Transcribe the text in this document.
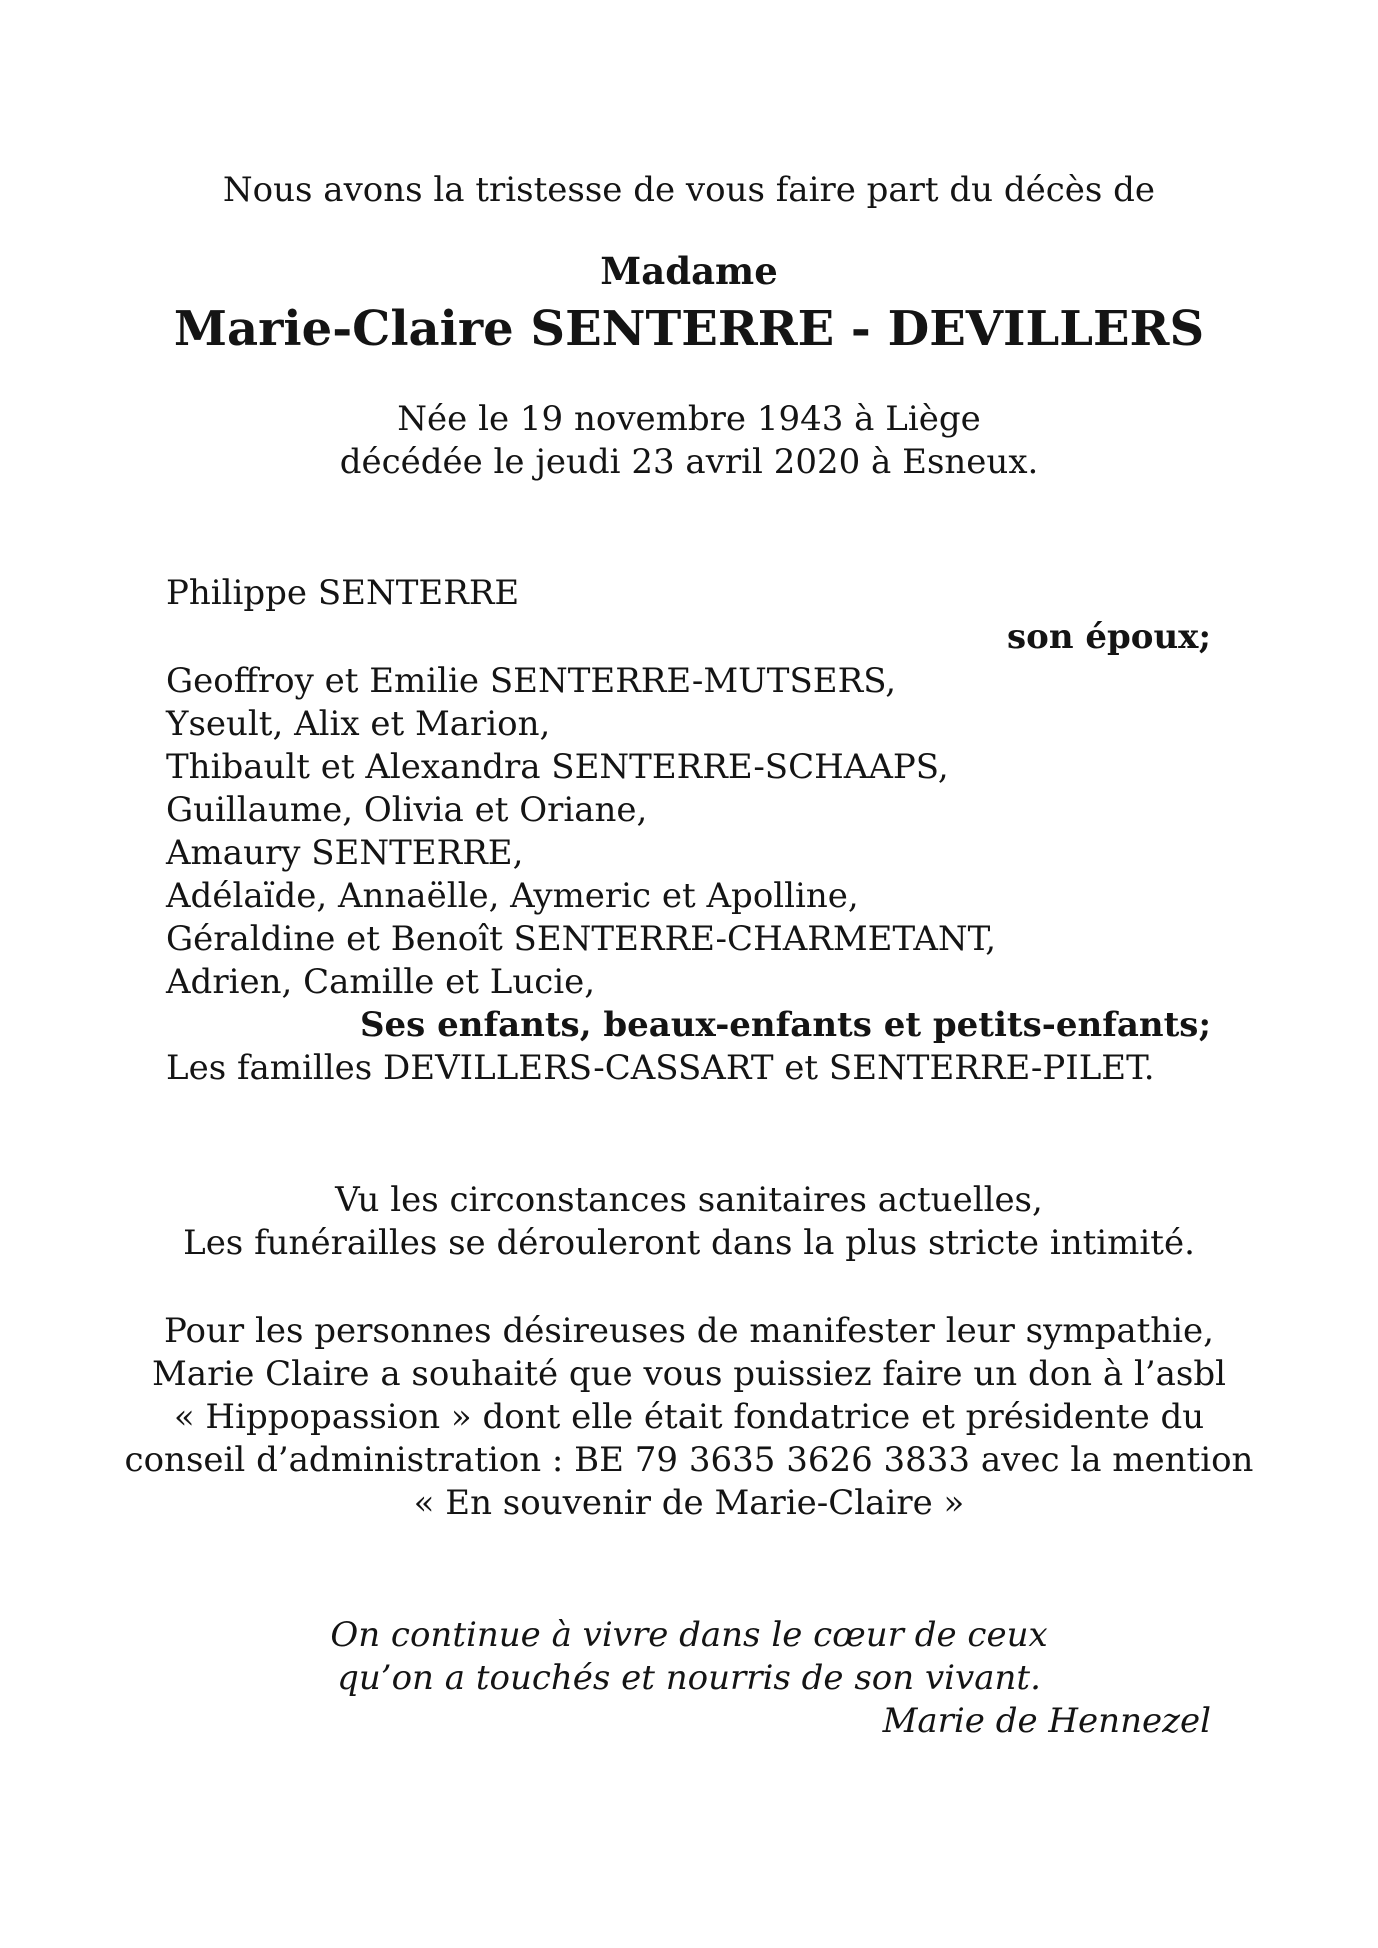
Nous avons la tristesse de vous faire part du décès de
Madame
Marie-Claire SENTERRE - DEVILLERS
Née le 19 novembre 1943 à Liège
décédée le jeudi 23 avril 2020 à Esneux.
Philippe SENTERRE
son époux;
Geoffroy et Emilie SENTERRE-MUTSERS,
Yseult, Alix et Marion,
Thibault et Alexandra SENTERRE-SCHAAPS,
Guillaume, Olivia et Oriane,
Amaury SENTERRE,
Adélaïde, Annaëlle, Aymeric et Apolline,
Géraldine et Benoît SENTERRE-CHARMETANT,
Adrien, Camille et Lucie,
Ses enfants, beaux-enfants et petits-enfants;
Les familles DEVILLERS-CASSART et SENTERRE-PILET.
Vu les circonstances sanitaires actuelles,
Les funérailles se dérouleront dans la plus stricte intimité.
Pour les personnes désireuses de manifester leur sympathie,
Marie Claire a souhaité que vous puissiez faire un don à l’asbl
« Hippopassion » dont elle était fondatrice et présidente du
conseil d’administration : BE 79 3635 3626 3833 avec la mention
« En souvenir de Marie-Claire »
On continue à vivre dans le cœur de ceux
qu’on a touchés et nourris de son vivant.
Marie de Hennezel
